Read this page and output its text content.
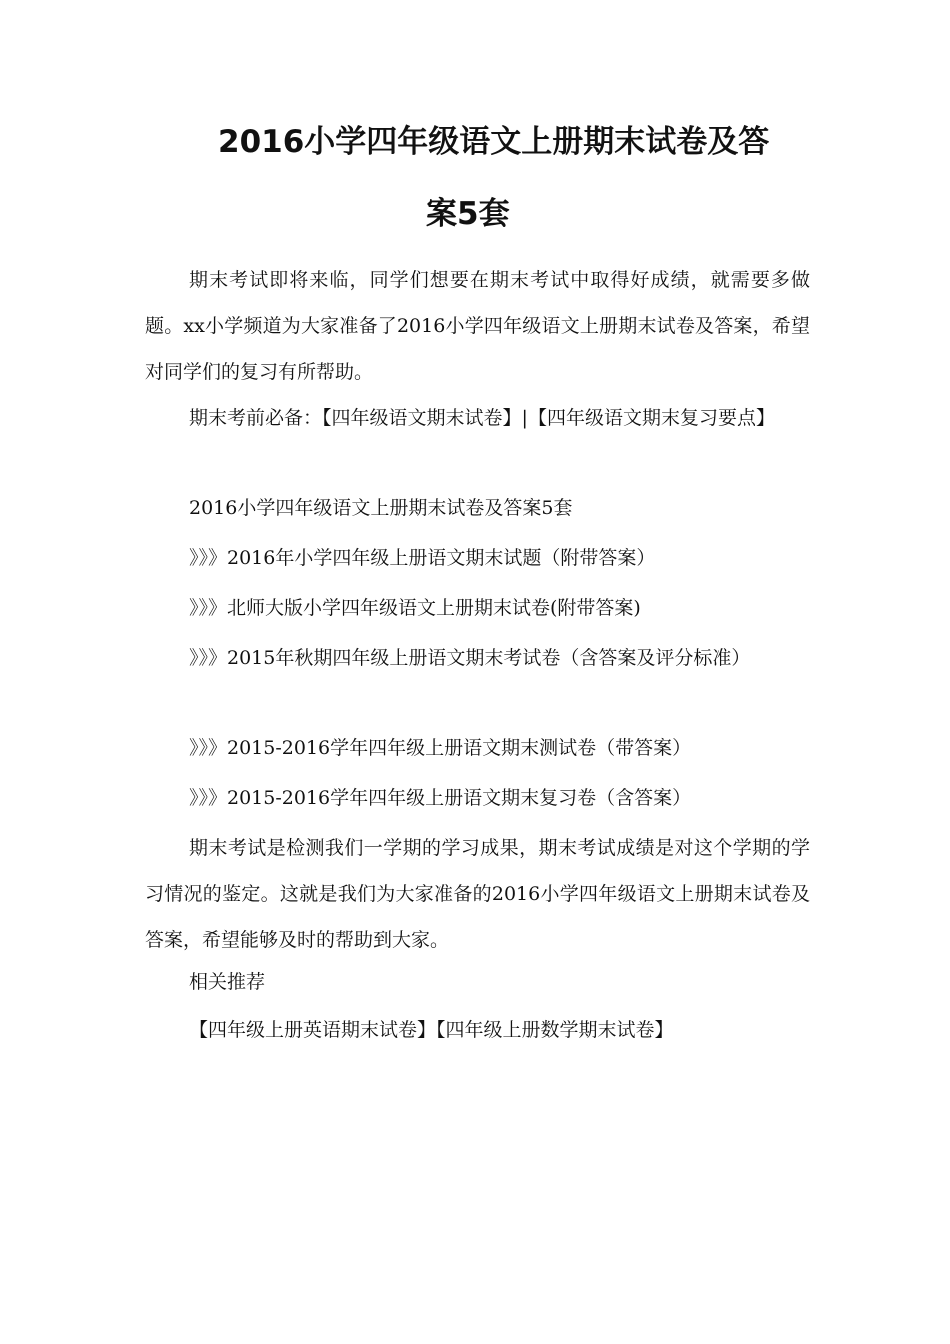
2016小学四年级语文上册期末试卷及答
案5套
期末考试即将来临，同学们想要在期末考试中取得好成绩，就需要多做题。xx小学频道为大家准备了2016小学四年级语文上册期末试卷及答案，希望对同学们的复习有所帮助。
期末考前必备：【四年级语文期末试卷】|【四年级语文期末复习要点】
2016小学四年级语文上册期末试卷及答案5套
》》》2016年小学四年级上册语文期末试题（附带答案）
》》》北师大版小学四年级语文上册期末试卷(附带答案)
》》》2015年秋期四年级上册语文期末考试卷（含答案及评分标准）
》》》2015-2016学年四年级上册语文期末测试卷（带答案）
》》》2015-2016学年四年级上册语文期末复习卷（含答案）
期末考试是检测我们一学期的学习成果，期末考试成绩是对这个学期的学习情况的鉴定。这就是我们为大家准备的2016小学四年级语文上册期末试卷及答案，希望能够及时的帮助到大家。
相关推荐
【四年级上册英语期末试卷】【四年级上册数学期末试卷】
